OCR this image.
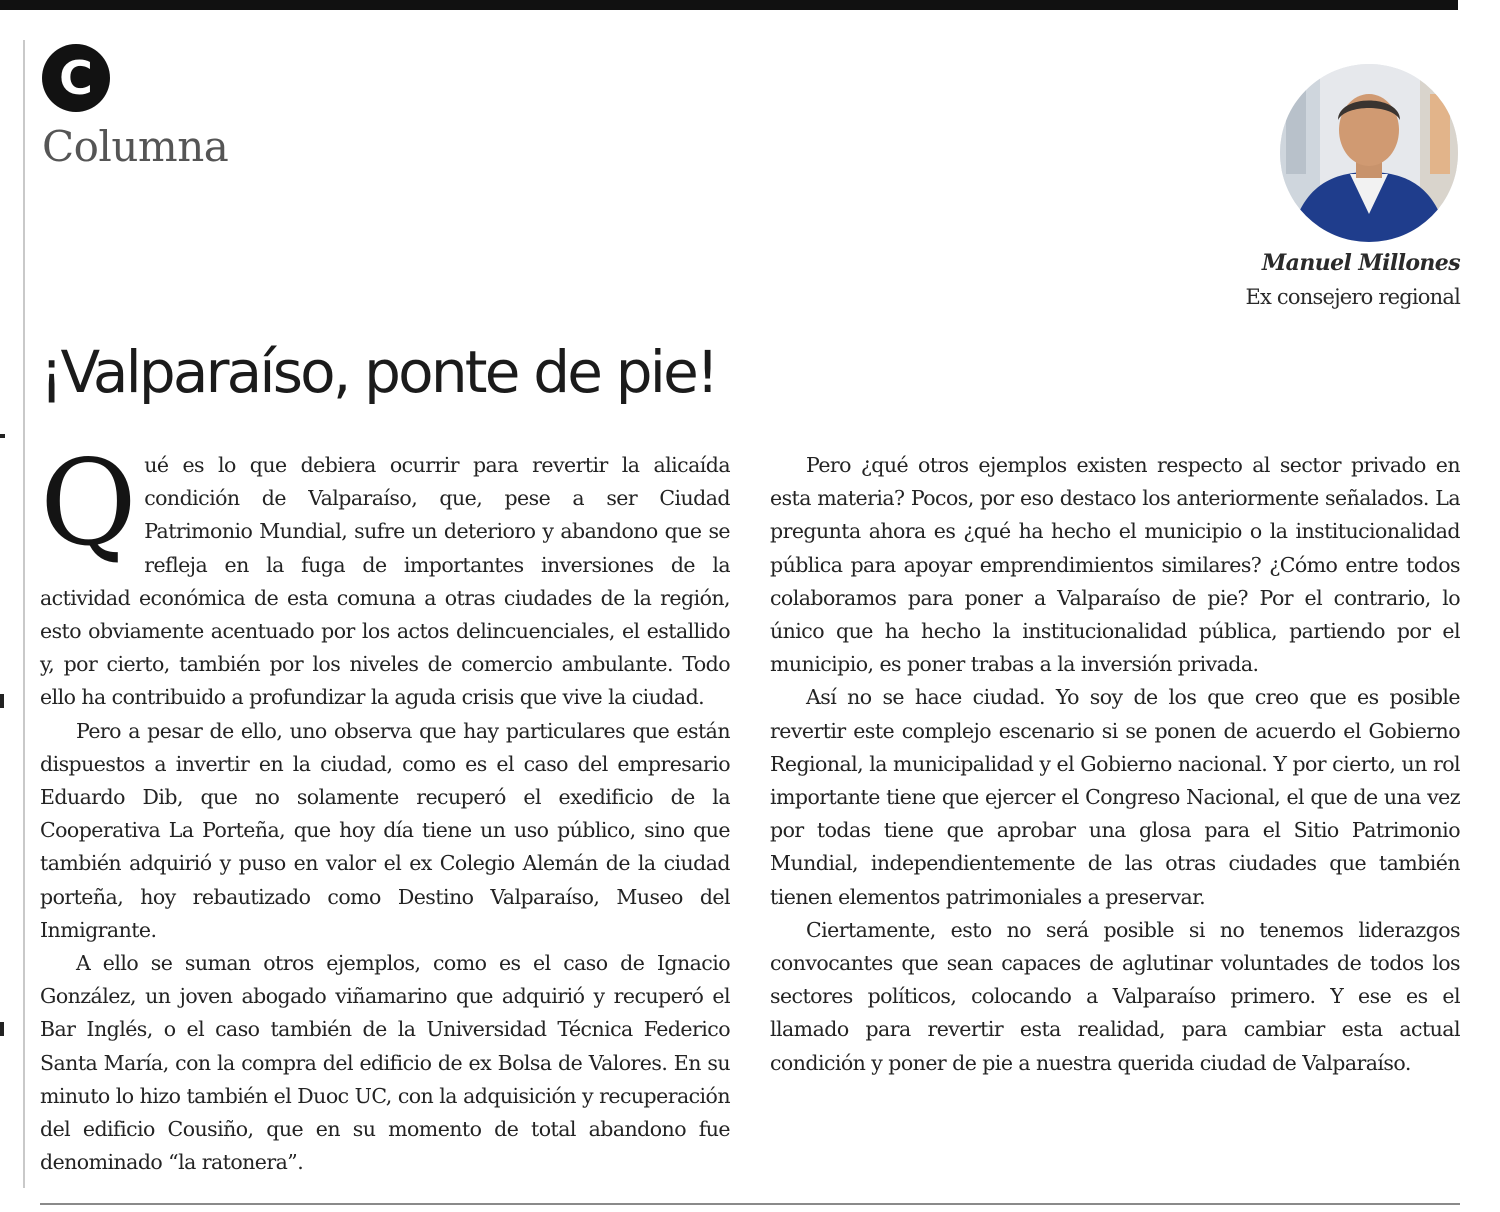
C
Columna
Manuel Millones
Ex consejero regional
¡Valparaíso, ponte de pie!

Qué es lo que debiera ocurrir para revertir la alicaída condición de Valparaíso, que, pese a ser Ciudad Patrimonio Mundial, sufre un deterioro y abandono que se refleja en la fuga de importantes inversiones de la actividad económica de esta comuna a otras ciudades de la región, esto obviamente acentuado por los actos delincuenciales, el estallido y, por cierto, también por los niveles de comercio ambulante. Todo ello ha contribuido a profundizar la aguda crisis que vive la ciudad.

Pero a pesar de ello, uno observa que hay particulares que están dispuestos a invertir en la ciudad, como es el caso del empresario Eduardo Dib, que no solamente recuperó el exedificio de la Cooperativa La Porteña, que hoy día tiene un uso público, sino que también adquirió y puso en valor el ex Colegio Alemán de la ciudad porteña, hoy rebautizado como Destino Valparaíso, Museo del Inmigrante.

A ello se suman otros ejemplos, como es el caso de Ignacio González, un joven abogado viñamarino que adquirió y recuperó el Bar Inglés, o el caso también de la Universidad Técnica Federico Santa María, con la compra del edificio de ex Bolsa de Valores. En su minuto lo hizo también el Duoc UC, con la adquisición y recuperación del edificio Cousiño, que en su momento de total abandono fue denominado “la ratonera”.

Pero ¿qué otros ejemplos existen respecto al sector privado en esta materia? Pocos, por eso destaco los anteriormente señalados. La pregunta ahora es ¿qué ha hecho el municipio o la institucionalidad pública para apoyar emprendimientos similares? ¿Cómo entre todos colaboramos para poner a Valparaíso de pie? Por el contrario, lo único que ha hecho la institucionalidad pública, partiendo por el municipio, es poner trabas a la inversión privada.

Así no se hace ciudad. Yo soy de los que creo que es posible revertir este complejo escenario si se ponen de acuerdo el Gobierno Regional, la municipalidad y el Gobierno nacional. Y por cierto, un rol importante tiene que ejercer el Congreso Nacional, el que de una vez por todas tiene que aprobar una glosa para el Sitio Patrimonio Mundial, independientemente de las otras ciudades que también tienen elementos patrimoniales a preservar.

Ciertamente, esto no será posible si no tenemos liderazgos convocantes que sean capaces de aglutinar voluntades de todos los sectores políticos, colocando a Valparaíso primero. Y ese es el llamado para revertir esta realidad, para cambiar esta actual condición y poner de pie a nuestra querida ciudad de Valparaíso.
